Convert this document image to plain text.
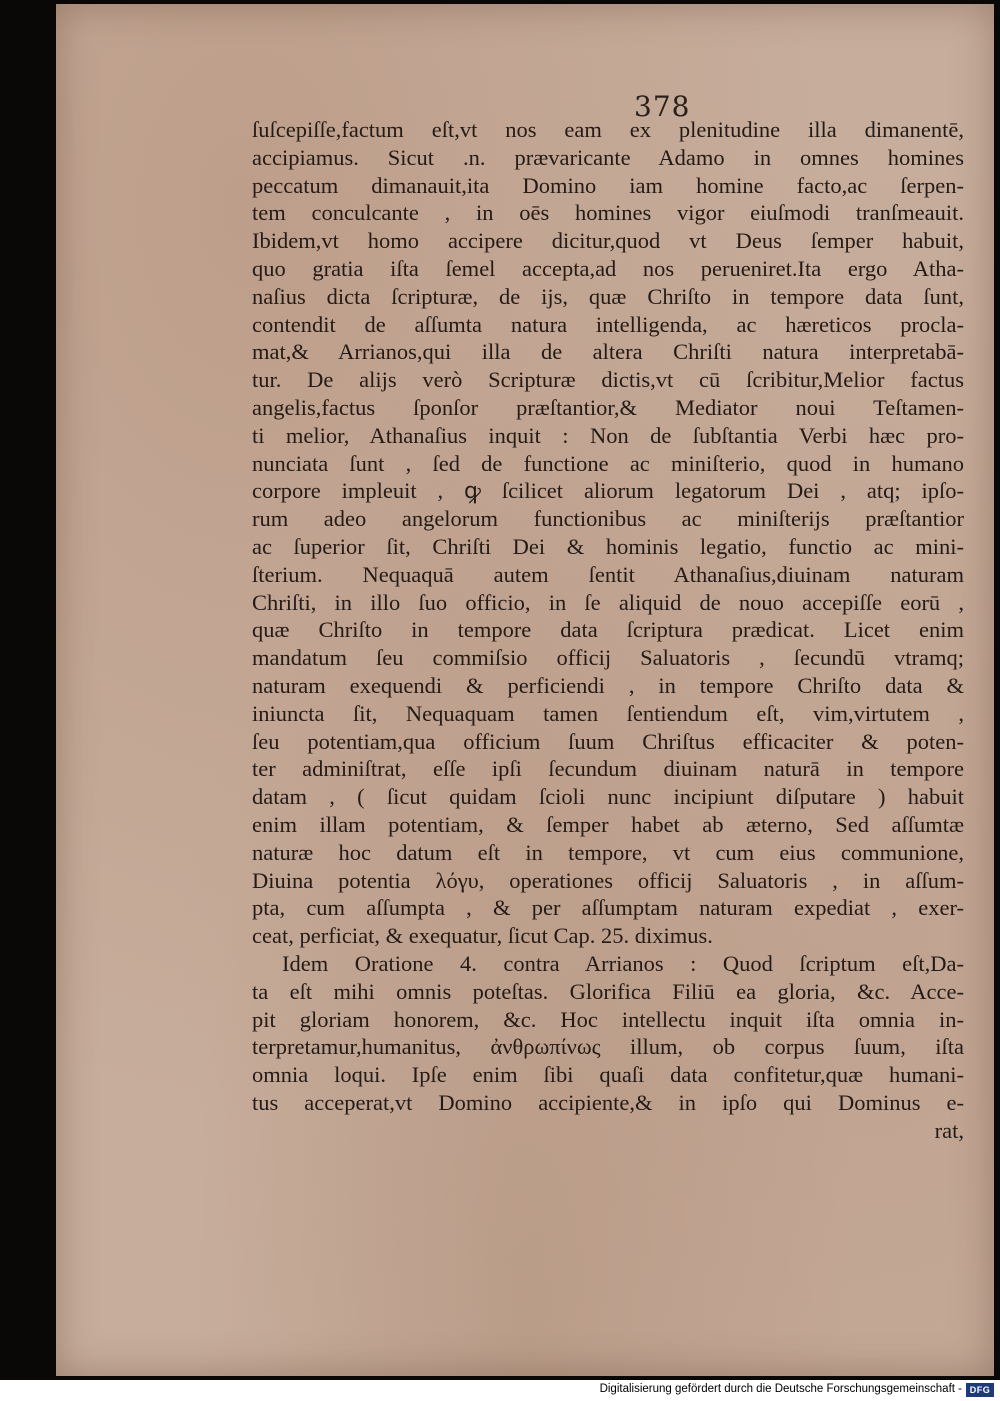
378
ſuſcepiſſe,factum eſt,vt nos eam ex plenitudine illa dimanentē,
accipiamus. Sicut .n. prævaricante Adamo in omnes homines
peccatum dimanauit,ita Domino iam homine facto,ac ſerpen-
tem conculcante , in oēs homines vigor eiuſmodi tranſmeauit.
Ibidem,vt homo accipere dicitur,quod vt Deus ſemper habuit,
quo gratia iſta ſemel accepta,ad nos perueniret.Ita ergo Atha-
naſius dicta ſcripturæ, de ijs, quæ Chriſto in tempore data ſunt,
contendit de aſſumta natura intelligenda, ac hæreticos procla-
mat,& Arrianos,qui illa de altera Chriſti natura interpretabā-
tur. De alijs verò Scripturæ dictis,vt cū ſcribitur,Melior factus
angelis,factus ſponſor præſtantior,& Mediator noui Teſtamen-
ti melior, Athanaſius inquit : Non de ſubſtantia Verbi hæc pro-
nunciata ſunt , ſed de functione ac miniſterio, quod in humano
corpore impleuit , ꝙ ſcilicet aliorum legatorum Dei , atq; ipſo-
rum adeo angelorum functionibus ac miniſterijs præſtantior
ac ſuperior ſit, Chriſti Dei & hominis legatio, functio ac mini-
ſterium. Nequaquā autem ſentit Athanaſius,diuinam naturam
Chriſti, in illo ſuo officio, in ſe aliquid de nouo accepiſſe eorū ,
quæ Chriſto in tempore data ſcriptura prædicat. Licet enim
mandatum ſeu commiſsio officij Saluatoris , ſecundū vtramq;
naturam exequendi & perficiendi , in tempore Chriſto data &
iniuncta ſit, Nequaquam tamen ſentiendum eſt, vim,virtutem ,
ſeu potentiam,qua officium ſuum Chriſtus efficaciter & poten-
ter adminiſtrat, eſſe ipſi ſecundum diuinam naturā in tempore
datam , ( ſicut quidam ſcioli nunc incipiunt diſputare ) habuit
enim illam potentiam, & ſemper habet ab æterno, Sed aſſumtæ
naturæ hoc datum eſt in tempore, vt cum eius communione,
Diuina potentia λόγυ, operationes officij Saluatoris , in aſſum-
pta, cum aſſumpta , & per aſſumptam naturam expediat , exer-
ceat, perficiat, & exequatur, ſicut Cap. 25. diximus.
Idem Oratione 4. contra Arrianos : Quod ſcriptum eſt,Da-
ta eſt mihi omnis poteſtas. Glorifica Filiū ea gloria, &c. Acce-
pit gloriam honorem, &c. Hoc intellectu inquit iſta omnia in-
terpretamur,humanitus, ἀνθρωπίνως illum, ob corpus ſuum, iſta
omnia loqui. Ipſe enim ſibi quaſi data confitetur,quæ humani-
tus acceperat,vt Domino accipiente,& in ipſo qui Dominus e-
rat,
Digitalisierung gefördert durch die Deutsche Forschungsgemeinschaft - DFG
